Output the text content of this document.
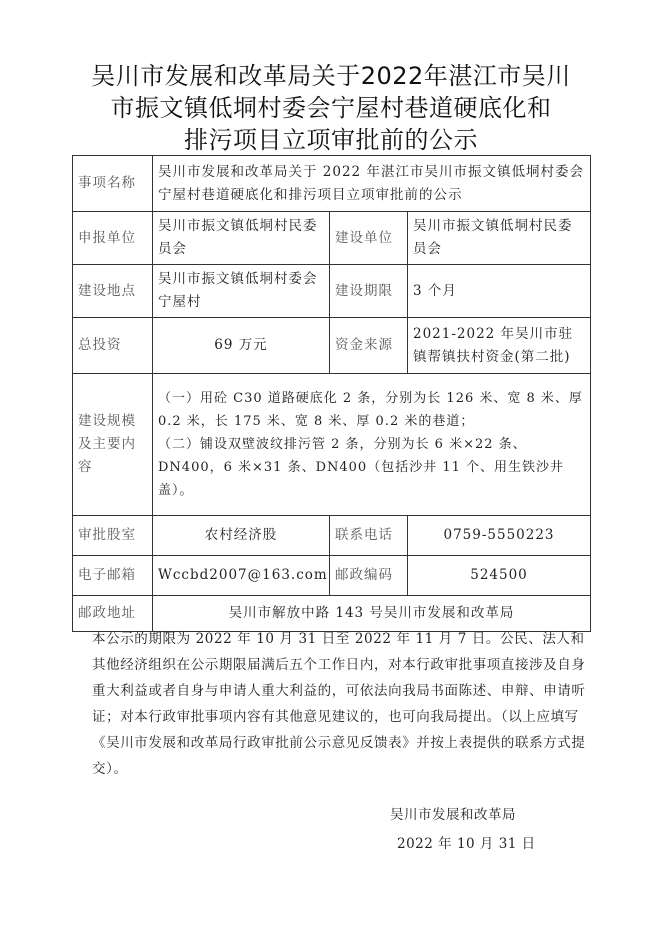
吴川市发展和改革局关于2022年湛江市吴川
市振文镇低垌村委会宁屋村巷道硬底化和
排污项目立项审批前的公示
事项名称	吴川市发展和改革局关于 2022 年湛江市吴川市振文镇低垌村委会宁屋村巷道硬底化和排污项目立项审批前的公示		
申报单位	吴川市振文镇低垌村民委员会	建设单位	吴川市振文镇低垌村民委员会
建设地点	吴川市振文镇低垌村委会宁屋村	建设期限	3 个月
总投资	69 万元	资金来源	2021-2022 年吴川市驻镇帮镇扶村资金(第二批)
建设规模及主要内容	（一）用砼 C30 道路硬底化 2 条，分别为长 126 米、宽 8 米、厚 0.2 米，长 175 米、宽 8 米、厚 0.2 米的巷道；
（二）铺设双壁波纹排污管 2 条，分别为长 6 米×22 条、DN400，6 米×31 条、DN400（包括沙井 11 个、用生铁沙井盖）。		

审批股室	农村经济股	联系电话	0759-5550223
电子邮箱	Wccbd2007@163.com	邮政编码	524500
邮政地址	吴川市解放中路 143 号吴川市发展和改革局		
本公示的期限为 2022 年 10 月 31 日至 2022 年 11 月 7 日。公民、法人和其他经济组织在公示期限届满后五个工作日内，对本行政审批事项直接涉及自身重大利益或者自身与申请人重大利益的，可依法向我局书面陈述、申辩、申请听证；对本行政审批事项内容有其他意见建议的，也可向我局提出。（以上应填写《吴川市发展和改革局行政审批前公示意见反馈表》并按上表提供的联系方式提交）。
吴川市发展和改革局
2022 年 10 月 31 日
